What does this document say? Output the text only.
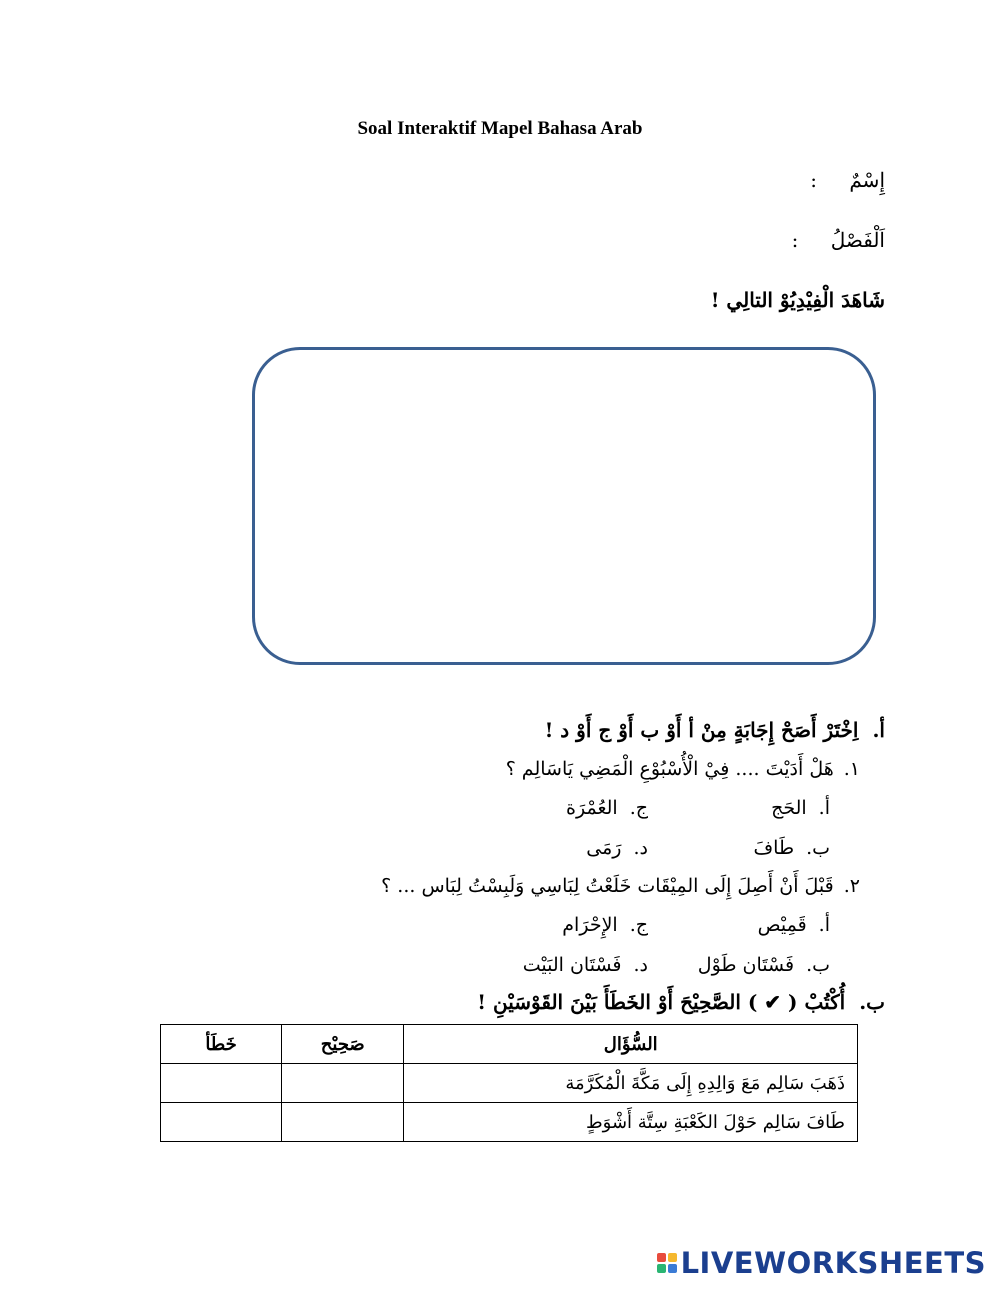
Soal Interaktif Mapel Bahasa Arab
إِسْمٌ :
اَلْفَصْلُ :
شَاهَدَ الْفِيْدِيُوْ التالِي !
أ.اِخْتَرْ أَصَحْ إِجَابَةٍ مِنْ أ أَوْ ب أَوْ ج أَوْ د !
١.هَلْ أَدَيْتَ .... فِيْ الْأُسْبُوْعِ الْمَضِي يَاسَالِم ؟
أ.الحَج
ج.العُمْرَة
ب.طَافَ
د.رَمَى
٢.قَبْلَ أَنْ أَصِلَ إِلَى المِيْقَات خَلَعْتُ لِبَاسِي وَلَبِسْتُ لِبَاس ... ؟
أ.قَمِيْص
ج.الإِحْرَام
ب.فَسْتَان طَوْل
د.فَسْتَان البَيْت
ب.أُكْتُبْ ( ✔ ) الصَّحِيْحَ أَوْ الخَطَأَ بَيْنَ القَوْسَيْنِ !
السُّؤَال	صَحِيْح	خَطَأ
ذَهَبَ سَالِم مَعَ وَالِدِهِ إِلَى مَكَّةَ الْمُكَرَّمَة		
طَافَ سَالِم حَوْلَ الكَعْبَةِ سِتَّة أَشْوَطٍ		
LIVEWORKSHEETS
